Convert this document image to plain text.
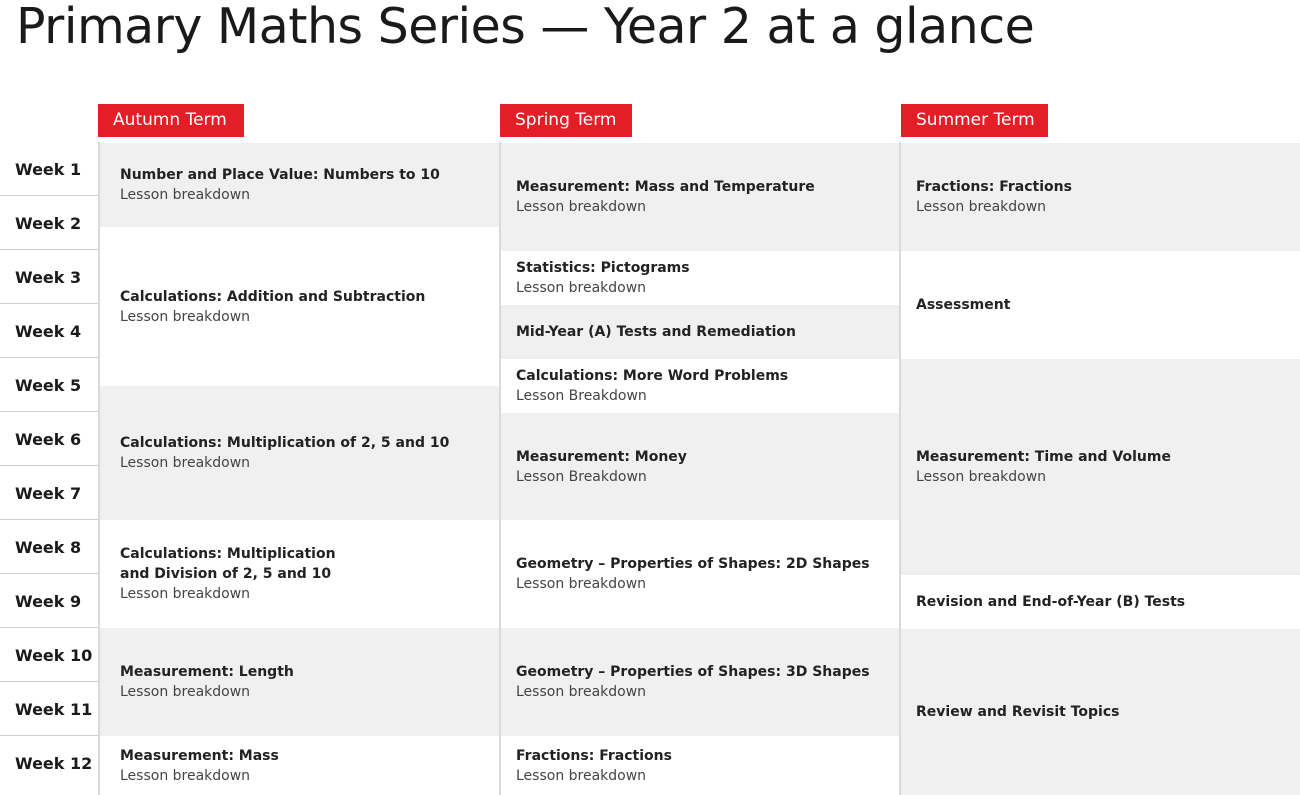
Primary Maths Series — Year 2 at a glance
Autumn Term	Spring Term	Summer Term
Week 1
Week 2
Week 3
Week 4
Week 5
Week 6
Week 7
Week 8
Week 9
Week 10
Week 11
Week 12
Number and Place Value: Numbers to 10
Lesson breakdown
Calculations: Addition and Subtraction
Lesson breakdown
Calculations: Multiplication of 2, 5 and 10
Lesson breakdown
Calculations: Multiplication
and Division of 2, 5 and 10
Lesson breakdown
Measurement: Length
Lesson breakdown
Measurement: Mass
Lesson breakdown
Measurement: Mass and Temperature
Lesson breakdown
Statistics: Pictograms
Lesson breakdown
Mid-Year (A) Tests and Remediation
Calculations: More Word Problems
Lesson Breakdown
Measurement: Money
Lesson Breakdown
Geometry – Properties of Shapes: 2D Shapes
Lesson breakdown
Geometry – Properties of Shapes: 3D Shapes
Lesson breakdown
Fractions: Fractions
Lesson breakdown
Fractions: Fractions
Lesson breakdown
Assessment
Measurement: Time and Volume
Lesson breakdown
Revision and End-of-Year (B) Tests
Review and Revisit Topics
